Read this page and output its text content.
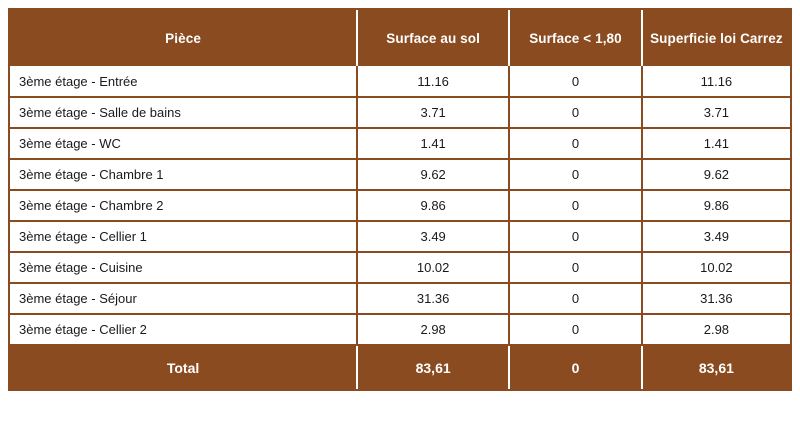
Pièce	Surface au sol	Surface < 1,80	Superficie loi Carrez
3ème étage - Entrée	11.16	0	11.16
3ème étage - Salle de bains	3.71	0	3.71
3ème étage - WC	1.41	0	1.41
3ème étage - Chambre 1	9.62	0	9.62
3ème étage - Chambre 2	9.86	0	9.86
3ème étage - Cellier 1	3.49	0	3.49
3ème étage - Cuisine	10.02	0	10.02
3ème étage - Séjour	31.36	0	31.36
3ème étage - Cellier 2	2.98	0	2.98
Total	83,61	0	83,61
